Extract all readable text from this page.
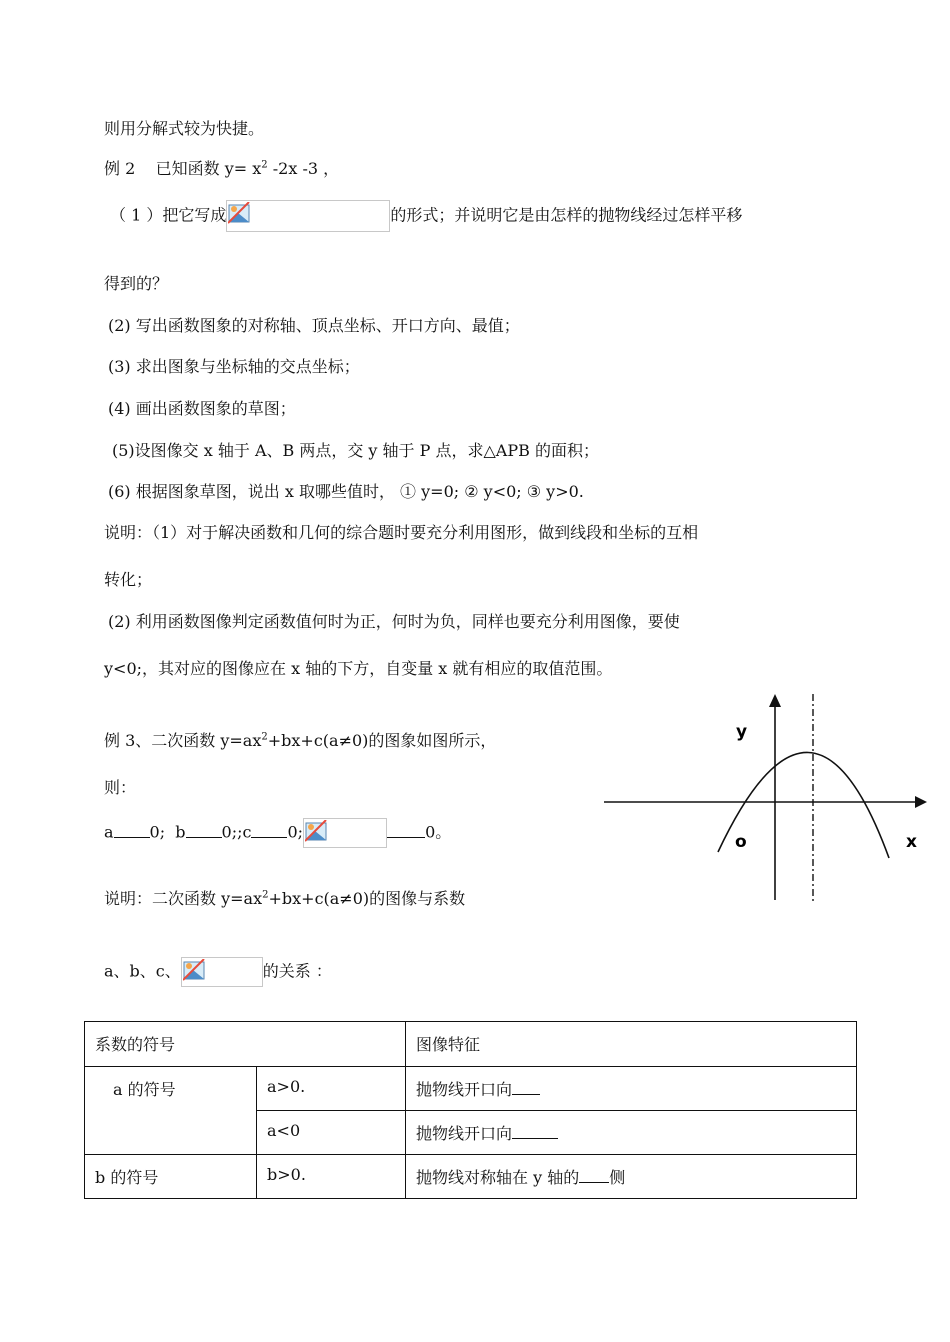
则用分解式较为快捷。
例 2 已知函数 $y= x^2$ -2x -3 ，
（ 1 ）把它写成	的形式；并说明它是由怎样的抛物线经过怎样平移
得到的？
(2) 写出函数图象的对称轴、顶点坐标、开口方向、最值；
(3) 求出图象与坐标轴的交点坐标；
(4) 画出函数图象的草图；
(5)设图像交 x 轴于 A、B 两点，交 y 轴于 P 点，求△APB 的面积；
(6) 根据图象草图，说出 x 取哪些值时， ① y=0; ② y<0; ③ y>0.
说明：（1）对于解决函数和几何的综合题时要充分利用图形，做到线段和坐标的互相
转化；
(2) 利用函数图像判定函数值何时为正，何时为负，同样也要充分利用图像，要使
y<0;，其对应的图像应在 x 轴的下方，自变量 x 就有相应的取值范围。
例 3、二次函数 $y=ax^2+bx+c(a\ne 0)$的图象如图所示，
则：
a 0; b 0;;c 0;	0。
说明：二次函数 $y=ax^2+bx+c(a\ne 0)$的图像与系数
a、b、c、	的关系 ：
y
x
o
系数的符号		图像特征

a 的符号	a>0.	抛物线开口向

	a<0	抛物线开口向

b 的符号	b>0.	抛物线对称轴在 y 轴的 侧
